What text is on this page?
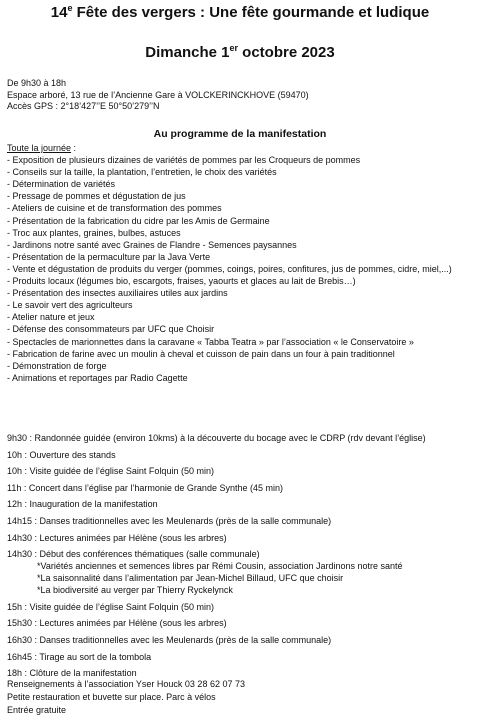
14e Fête des vergers : Une fête gourmande et ludique
Dimanche 1er octobre 2023
De 9h30 à 18h
Espace arboré, 13 rue de l’Ancienne Gare à VOLCKERINCKHOVE (59470)
Accès GPS : 2°18’427’’E 50°50’279’’N
Au programme de la manifestation
Toute la journée :
- Exposition de plusieurs dizaines de variétés de pommes par les Croqueurs de pommes
- Conseils sur la taille, la plantation, l’entretien, le choix des variétés
- Détermination de variétés
- Pressage de pommes et dégustation de jus
- Ateliers de cuisine et de transformation des pommes
- Présentation de la fabrication du cidre par les Amis de Germaine
- Troc aux plantes, graines, bulbes, astuces
- Jardinons notre santé avec Graines de Flandre - Semences paysannes
- Présentation de la permaculture par la Java Verte
- Vente et dégustation de produits du verger (pommes, coings, poires, confitures, jus de pommes, cidre, miel,...)
- Produits locaux (légumes bio, escargots, fraises, yaourts et glaces au lait de Brebis…)
- Présentation des insectes auxiliaires utiles aux jardins
- Le savoir vert des agriculteurs
- Atelier nature et jeux
- Défense des consommateurs par UFC que Choisir
- Spectacles de marionnettes dans la caravane « Tabba Teatra » par l’association « le Conservatoire »
- Fabrication de farine avec un moulin à cheval et cuisson de pain dans un four à pain traditionnel
- Démonstration de forge
- Animations et reportages par Radio Cagette
9h30 : Randonnée guidée (environ 10kms) à la découverte du bocage avec le CDRP (rdv devant l’église)
10h : Ouverture des stands
10h : Visite guidée de l’église Saint Folquin (50 min)
11h : Concert dans l’église par l’harmonie de Grande Synthe (45 min)
12h : Inauguration de la manifestation
14h15 : Danses traditionnelles avec les Meulenards (près de la salle communale)
14h30 : Lectures animées par Hélène (sous les arbres)
14h30 : Début des conférences thématiques (salle communale)
*Variétés anciennes et semences libres par Rémi Cousin, association Jardinons notre santé
*La saisonnalité dans l’alimentation par Jean-Michel Billaud, UFC que choisir
*La biodiversité au verger par Thierry Ryckelynck
15h : Visite guidée de l’église Saint Folquin (50 min)
15h30 : Lectures animées par Hélène (sous les arbres)
16h30 : Danses traditionnelles avec les Meulenards (près de la salle communale)
16h45 : Tirage au sort de la tombola
18h : Clôture de la manifestation
Renseignements à l’association Yser Houck 03 28 62 07 73
Petite restauration et buvette sur place. Parc à vélos
Entrée gratuite
